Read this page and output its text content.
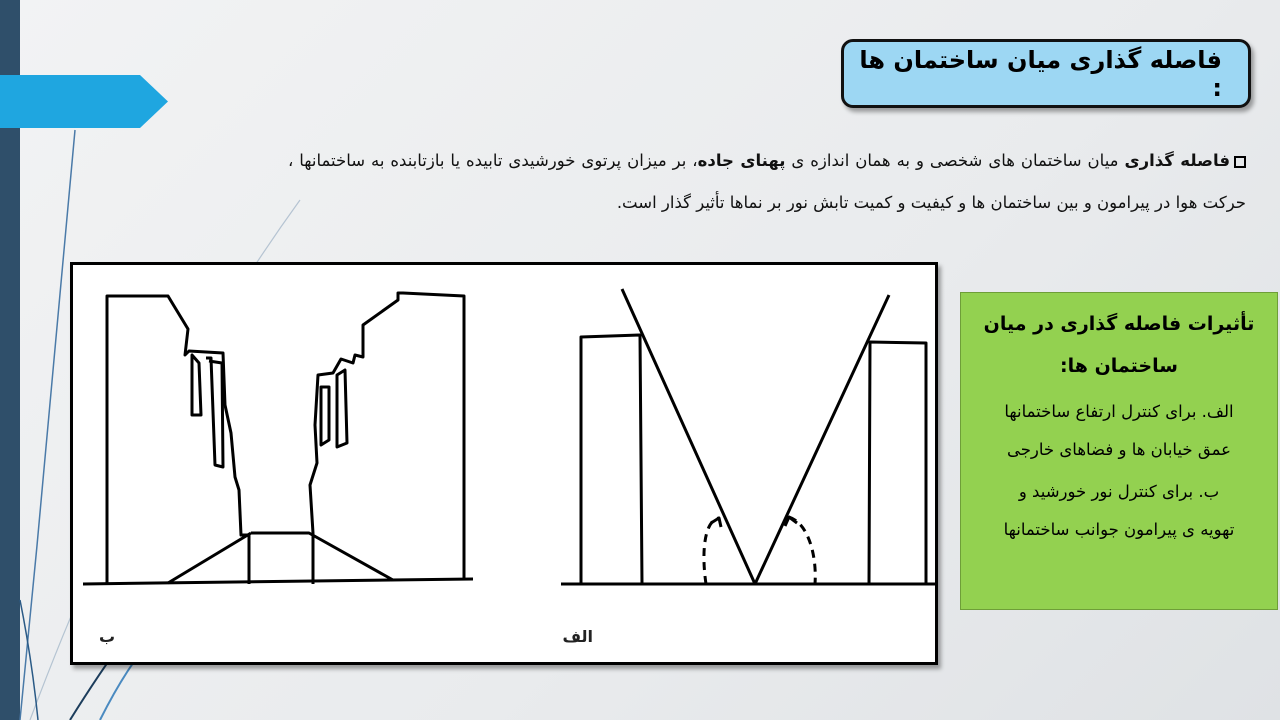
فاصله گذاری میان ساختمان ها :
فاصله گذاری میان ساختمان های شخصی و به همان اندازه ی پهنای جاده، بر میزان پرتوی خورشیدی تابیده یا بازتابنده به ساختمانها ، حرکت هوا در پیرامون و بین ساختمان ها و کیفیت و کمیت تابش نور بر نماها تأثیر گذار است.
الف
ب
تأثیرات فاصله گذاری در میان ساختمان ها:

الف. برای کنترل ارتفاع ساختمانها

عمق خیابان ها و فضاهای خارجی

ب. برای کنترل نور خورشید و

تهویه ی پیرامون جوانب ساختمانها
